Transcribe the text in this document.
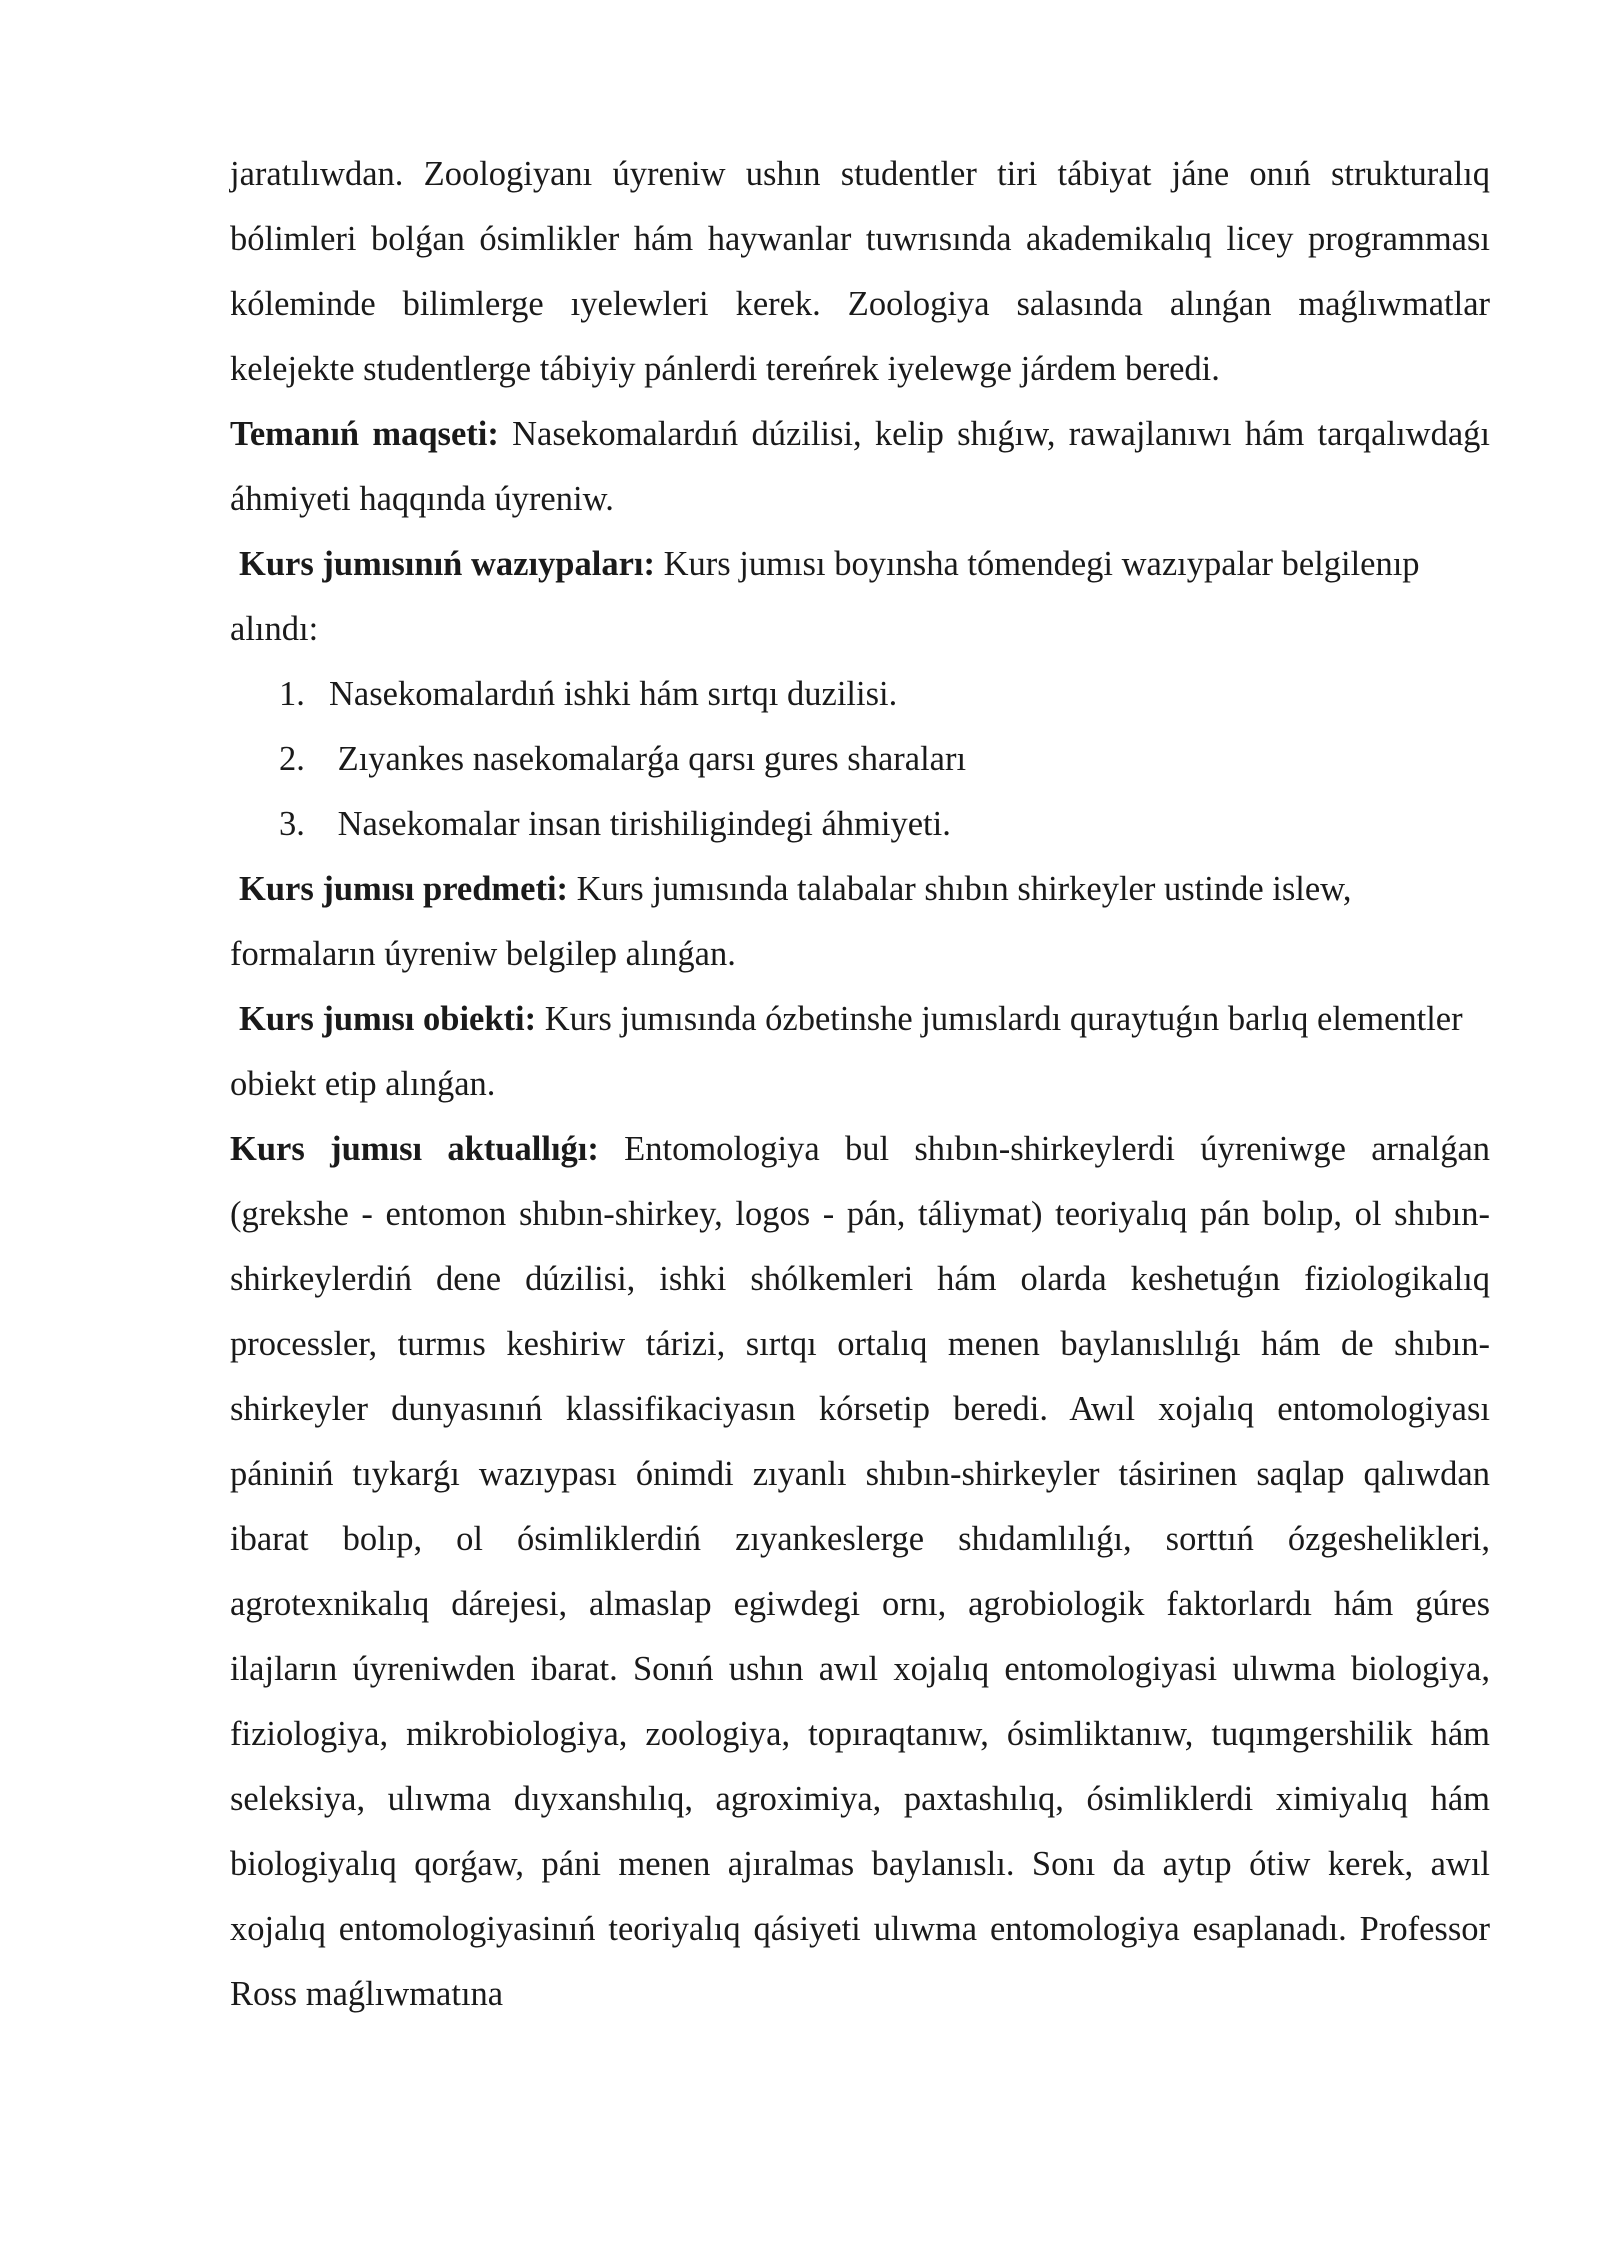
jaratılıwdan. Zoologiyanı úyreniw ushın studentler tiri tábiyat jáne onıń strukturalıq bólimleri bolǵan ósimlikler hám haywanlar tuwrısında akademikalıq licey programması kóleminde bilimlerge ıyelewleri kerek. Zoologiya salasında alınǵan maǵlıwmatlar kelejekte studentlerge tábiyiy pánlerdi tereńrek iyelewge járdem beredi.

Temanıń maqseti: Nasekomalardıń dúzilisi, kelip shıǵıw, rawajlanıwı hám tarqalıwdaǵı áhmiyeti haqqında úyreniw.

Kurs jumısınıń wazıypaları: Kurs jumısı boyınsha tómendegi wazıypalar belgilenıp alındı:

1. Nasekomalardıń ishki hám sırtqı duzilisi.
2. Zıyankes nasekomalarǵa qarsı gures sharaları
3. Nasekomalar insan tirishiligindegi áhmiyeti.

Kurs jumısı predmeti: Kurs jumısında talabalar shıbın shirkeyler ustinde islew, formaların úyreniw belgilep alınǵan.

Kurs jumısı obiekti: Kurs jumısında ózbetinshe jumıslardı quraytuǵın barlıq elementler obiekt etip alınǵan.

Kurs jumısı aktuallıǵı: Entomologiya bul shıbın-shirkeylerdi úyreniwge arnalǵan (grekshe - entomon shıbın-shirkey, logos - pán, táliymat) teoriyalıq pán bolıp, ol shıbın-shirkeylerdiń dene dúzilisi, ishki shólkemleri hám olarda keshetuǵın fiziologikalıq processler, turmıs keshiriw tárizi, sırtqı ortalıq menen baylanıslılıǵı hám de shıbın-shirkeyler dunyasınıń klassifikaciyasın kórsetip beredi. Awıl xojalıq entomologiyası pániniń tıykarǵı wazıypası ónimdi zıyanlı shıbın-shirkeyler tásirinen saqlap qalıwdan ibarat bolıp, ol ósimliklerdiń zıyankeslerge shıdamlılıǵı, sorttıń ózgeshelikleri, agrotexnikalıq dárejesi, almaslap egiwdegi ornı, agrobiologik faktorlardı hám gúres ilajların úyreniwden ibarat. Sonıń ushın awıl xojalıq entomologiyasi ulıwma biologiya, fiziologiya, mikrobiologiya, zoologiya, topıraqtanıw, ósimliktanıw, tuqımgershilik hám seleksiya, ulıwma dıyxanshılıq, agroximiya, paxtashılıq, ósimliklerdi ximiyalıq hám biologiyalıq qorǵaw, páni menen ajıralmas baylanıslı. Sonı da aytıp ótiw kerek, awıl xojalıq entomologiyasinıń teoriyalıq qásiyeti ulıwma entomologiya esaplanadı. Professor Ross maǵlıwmatına
